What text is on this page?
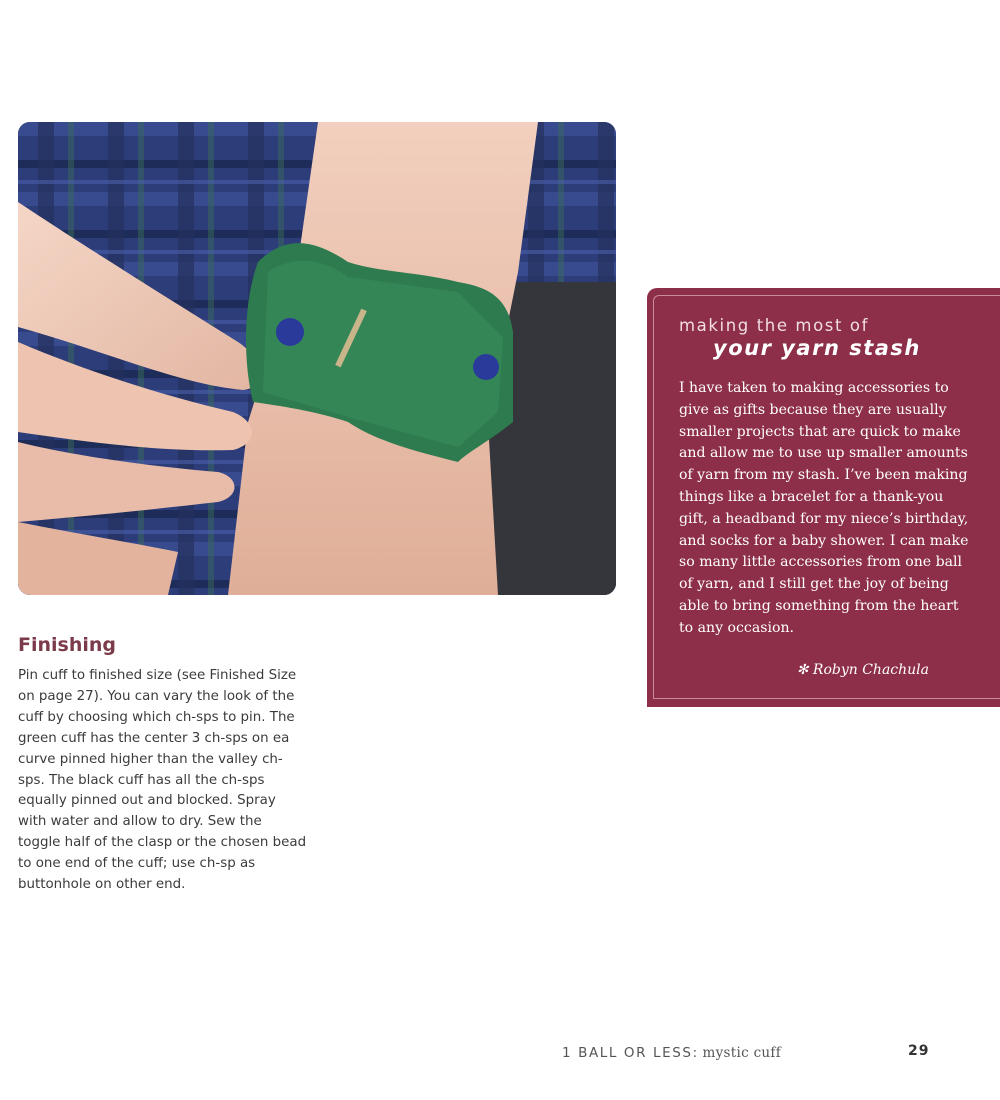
Finishing

Pin cuff to finished size (see Finished Size on page 27). You can vary the look of the cuff by choosing which ch-sps to pin. The green cuff has the center 3 ch-sps on ea curve pinned higher than the valley ch-sps. The black cuff has all the ch-sps equally pinned out and blocked. Spray with water and allow to dry. Sew the toggle half of the clasp or the chosen bead to one end of the cuff; use ch-sp as buttonhole on other end.

making the most of
your yarn stash

I have taken to making accessories to give as gifts because they are usually smaller projects that are quick to make and allow me to use up smaller amounts of yarn from my stash. I’ve been making things like a bracelet for a thank-you gift, a headband for my niece’s birthday, and socks for a baby shower. I can make so many little accessories from one ball of yarn, and I still get the joy of being able to bring something from the heart to any occasion.

✻ Robyn Chachula
1 BALL OR LESS: mystic cuff	29
